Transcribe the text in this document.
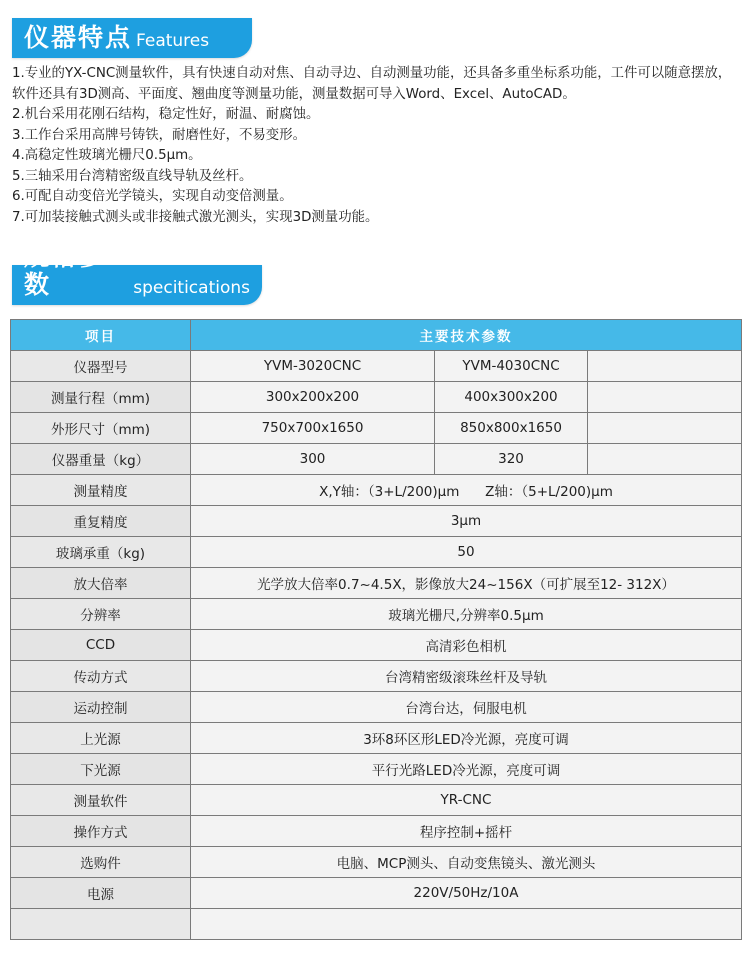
仪器特点 Features

1.专业的YX-CNC测量软件，具有快速自动对焦、自动寻边、自动测量功能，还具备多重坐标系功能，工件可以随意摆放，软件还具有3D测高、平面度、翘曲度等测量功能，测量数据可导入Word、Excel、AutoCAD。

2.机台采用花刚石结构，稳定性好，耐温、耐腐蚀。

3.工作台采用高牌号铸铁，耐磨性好，不易变形。

4.高稳定性玻璃光栅尺0.5μm。

5.三轴采用台湾精密级直线导轨及丝杆。

6.可配自动变倍光学镜头，实现自动变倍测量。

7.可加装接触式测头或非接触式激光测头，实现3D测量功能。

规格参数	specitications
项目	主要技术参数		
仪器型号	YVM-3020CNC	YVM-4030CNC	
测量行程（mm)	300x200x200	400x300x200	
外形尺寸（mm)	750x700x1650	850x800x1650	
仪器重量（kg）	300	320	
测量精度	X,Y轴：（3+L/200)μm      Z轴：（5+L/200)μm		
重复精度	3μm		
玻璃承重（kg)	50		
放大倍率	光学放大倍率0.7~4.5X，影像放大24~156X（可扩展至12- 312X）		
分辨率	玻璃光栅尺,分辨率0.5μm		
CCD	高清彩色相机		
传动方式	台湾精密级滚珠丝杆及导轨		
运动控制	台湾台达，伺服电机		
上光源	3环8环区形LED冷光源，亮度可调		
下光源	平行光路LED冷光源，亮度可调		
测量软件	YR-CNC		
操作方式	程序控制+摇杆		
选购件	电脑、MCP测头、自动变焦镜头、激光测头		
电源	220V/50Hz/10A		
